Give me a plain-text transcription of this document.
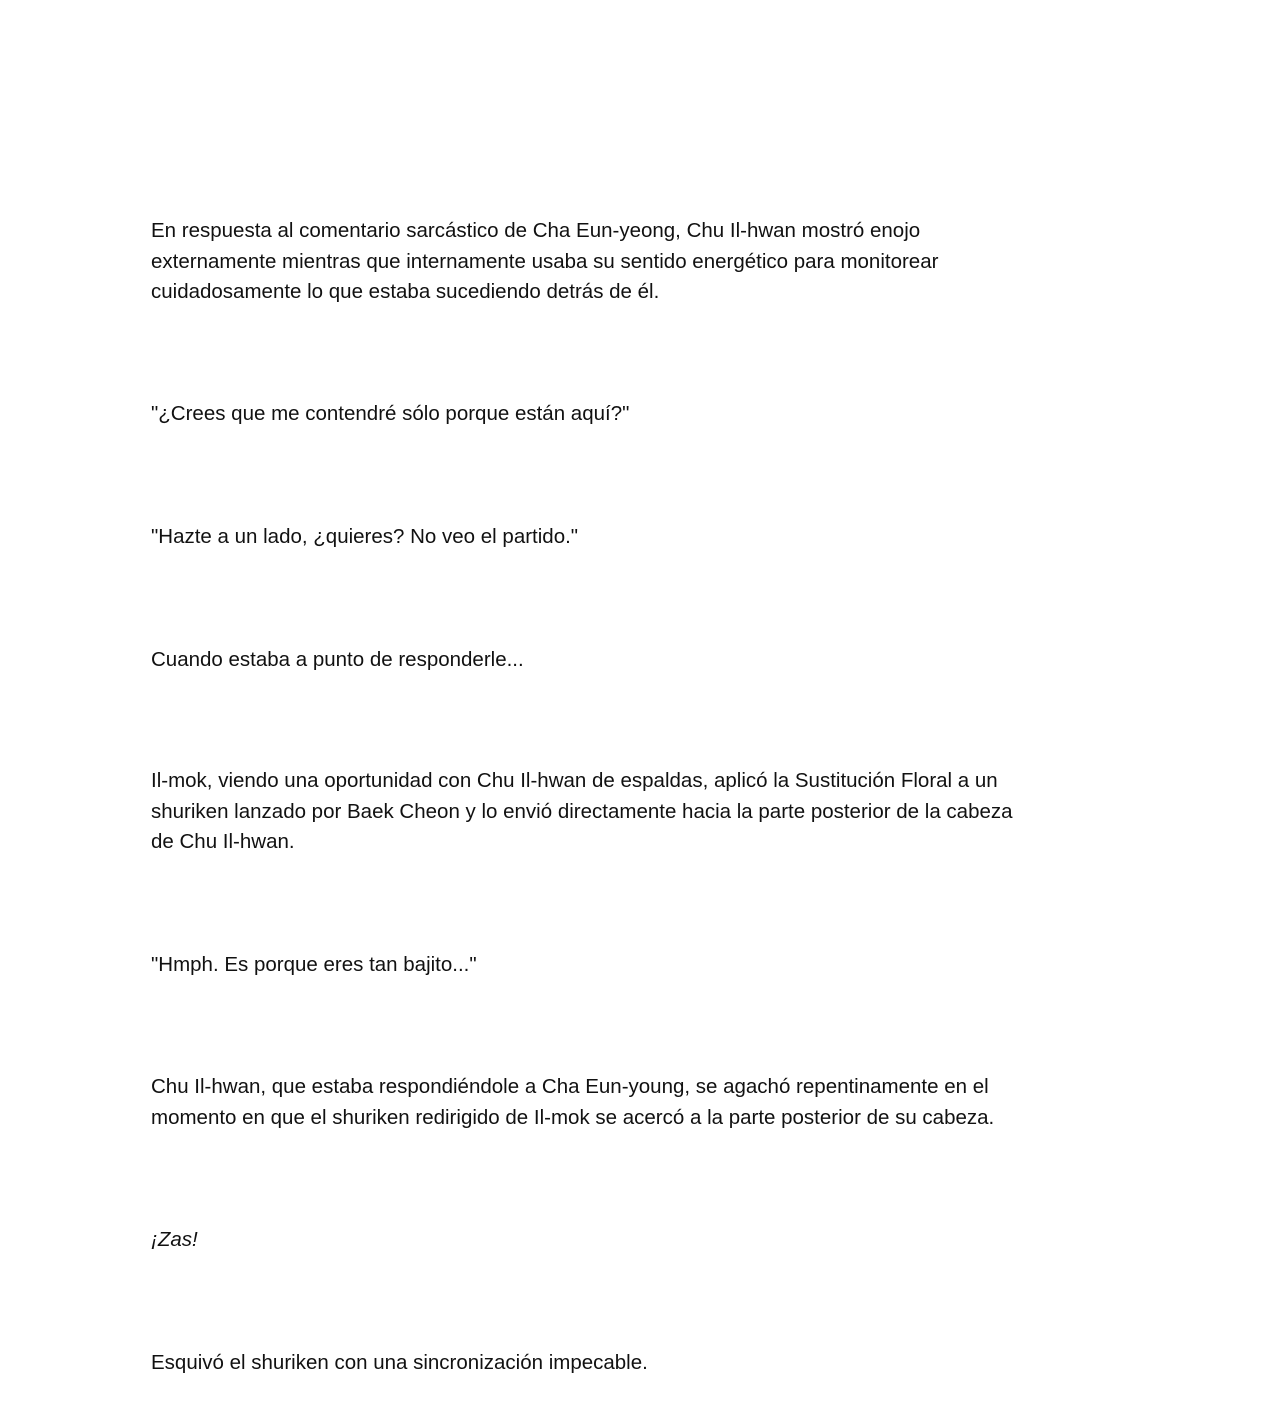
En respuesta al comentario sarcástico de Cha Eun-yeong, Chu Il-hwan mostró enojo
externamente mientras que internamente usaba su sentido energético para monitorear
cuidadosamente lo que estaba sucediendo detrás de él.

"¿Crees que me contendré sólo porque están aquí?"

"Hazte a un lado, ¿quieres? No veo el partido."

Cuando estaba a punto de responderle...

Il-mok, viendo una oportunidad con Chu Il-hwan de espaldas, aplicó la Sustitución Floral a un
shuriken lanzado por Baek Cheon y lo envió directamente hacia la parte posterior de la cabeza
de Chu Il-hwan.

"Hmph. Es porque eres tan bajito..."

Chu Il-hwan, que estaba respondiéndole a Cha Eun-young, se agachó repentinamente en el
momento en que el shuriken redirigido de Il-mok se acercó a la parte posterior de su cabeza.

¡Zas!

Esquivó el shuriken con una sincronización impecable.
